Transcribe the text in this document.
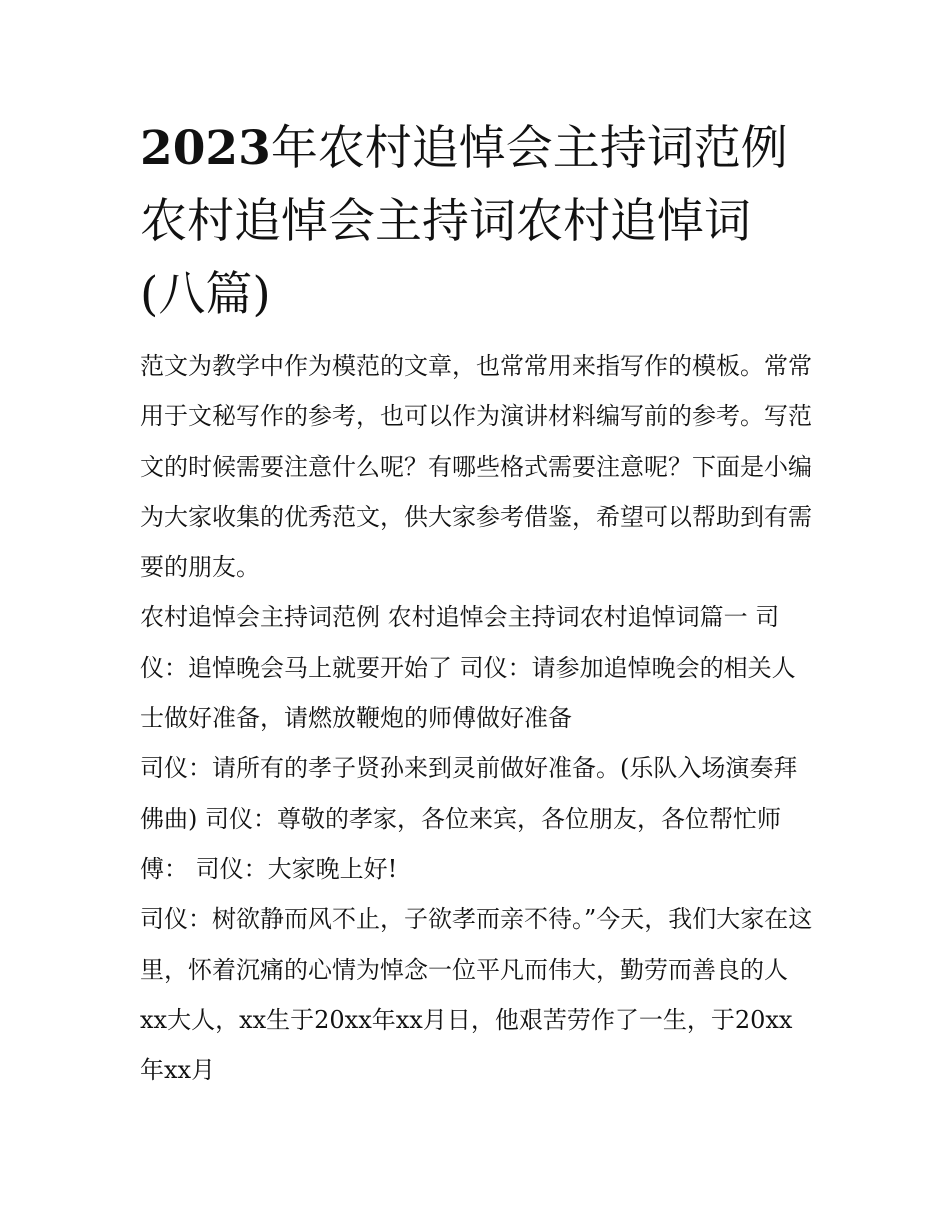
2023年农村追悼会主持词范例农村追悼会主持词农村追悼词(八篇)

范文为教学中作为模范的文章，也常常用来指写作的模板。常常用于文秘写作的参考，也可以作为演讲材料编写前的参考。写范文的时候需要注意什么呢？有哪些格式需要注意呢？下面是小编为大家收集的优秀范文，供大家参考借鉴，希望可以帮助到有需要的朋友。

农村追悼会主持词范例 农村追悼会主持词农村追悼词篇一 司仪：追悼晚会马上就要开始了 司仪：请参加追悼晚会的相关人士做好准备，请燃放鞭炮的师傅做好准备

司仪：请所有的孝子贤孙来到灵前做好准备。(乐队入场演奏拜佛曲) 司仪：尊敬的孝家，各位来宾，各位朋友，各位帮忙师傅： 司仪：大家晚上好!

司仪：树欲静而风不止，子欲孝而亲不待。”今天，我们大家在这里，怀着沉痛的心情为悼念一位平凡而伟大，勤劳而善良的人xx大人，xx生于20xx年xx月日，他艰苦劳作了一生，于20xx年xx月
